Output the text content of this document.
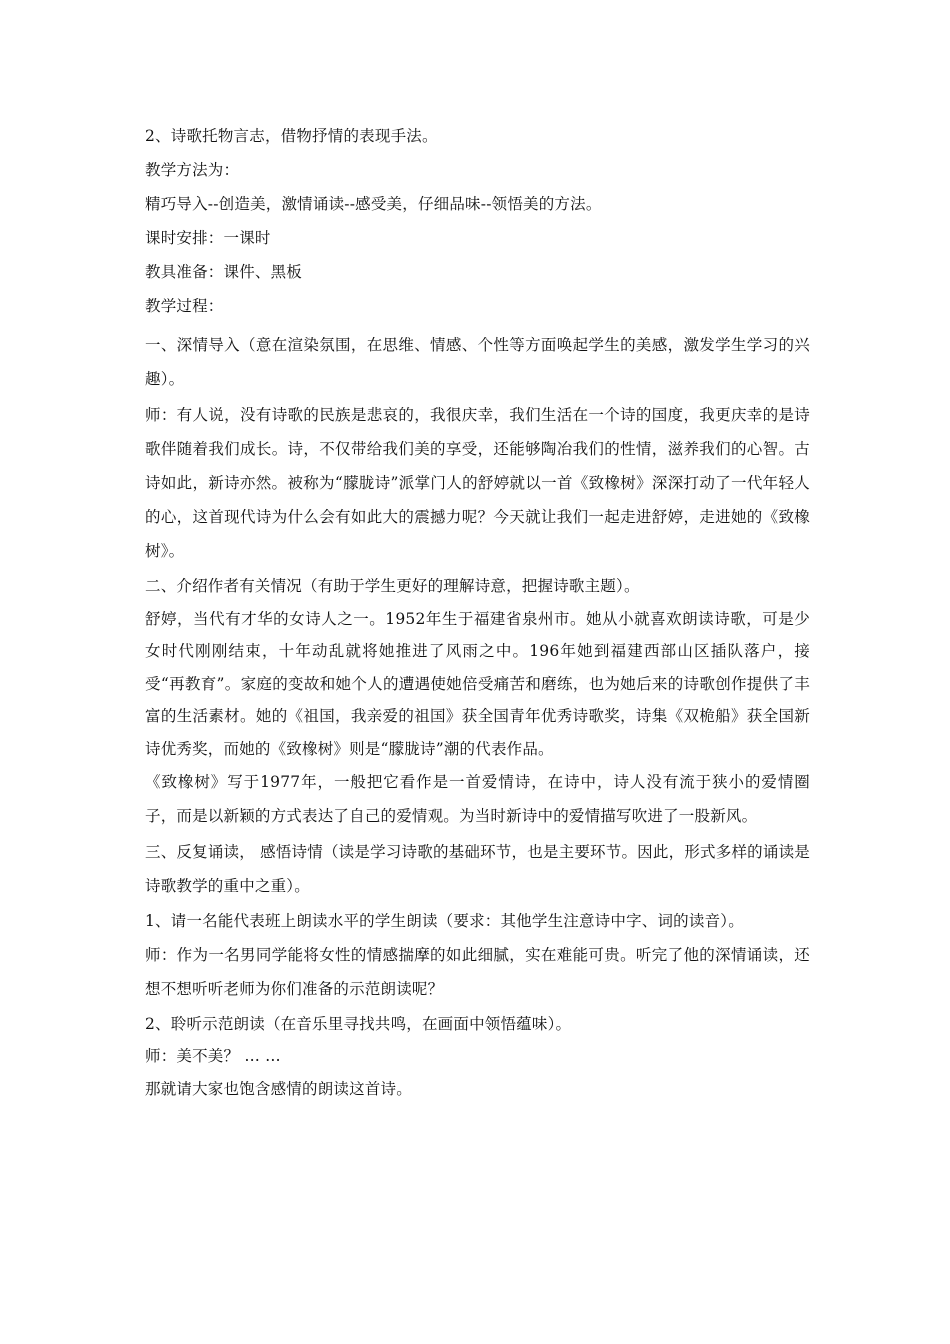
2、诗歌托物言志，借物抒情的表现手法。

教学方法为：

精巧导入--创造美，激情诵读--感受美，仔细品味--领悟美的方法。

课时安排：一课时

教具准备：课件、黑板

教学过程：

一、深情导入（意在渲染氛围，在思维、情感、个性等方面唤起学生的美感，激发学生学习的兴趣）。

师：有人说，没有诗歌的民族是悲哀的，我很庆幸，我们生活在一个诗的国度，我更庆幸的是诗歌伴随着我们成长。诗，不仅带给我们美的享受，还能够陶冶我们的性情，滋养我们的心智。古诗如此，新诗亦然。被称为“朦胧诗”派掌门人的舒婷就以一首《致橡树》深深打动了一代年轻人的心，这首现代诗为什么会有如此大的震撼力呢？今天就让我们一起走进舒婷，走进她的《致橡树》。

二、介绍作者有关情况（有助于学生更好的理解诗意，把握诗歌主题）。

舒婷，当代有才华的女诗人之一。1952年生于福建省泉州市。她从小就喜欢朗读诗歌，可是少女时代刚刚结束，十年动乱就将她推进了风雨之中。196年她到福建西部山区插队落户，接受“再教育”。家庭的变故和她个人的遭遇使她倍受痛苦和磨练，也为她后来的诗歌创作提供了丰富的生活素材。她的《祖国，我亲爱的祖国》获全国青年优秀诗歌奖，诗集《双桅船》获全国新诗优秀奖，而她的《致橡树》则是“朦胧诗”潮的代表作品。

《致橡树》写于1977年，一般把它看作是一首爱情诗，在诗中，诗人没有流于狭小的爱情圈子，而是以新颖的方式表达了自己的爱情观。为当时新诗中的爱情描写吹进了一股新风。

三、反复诵读， 感悟诗情（读是学习诗歌的基础环节，也是主要环节。因此，形式多样的诵读是诗歌教学的重中之重）。

1、请一名能代表班上朗读水平的学生朗读（要求：其他学生注意诗中字、词的读音）。

师：作为一名男同学能将女性的情感揣摩的如此细腻，实在难能可贵。听完了他的深情诵读，还想不想听听老师为你们准备的示范朗读呢？

2、聆听示范朗读（在音乐里寻找共鸣，在画面中领悟蕴味）。

师：美不美？ … …

那就请大家也饱含感情的朗读这首诗。
